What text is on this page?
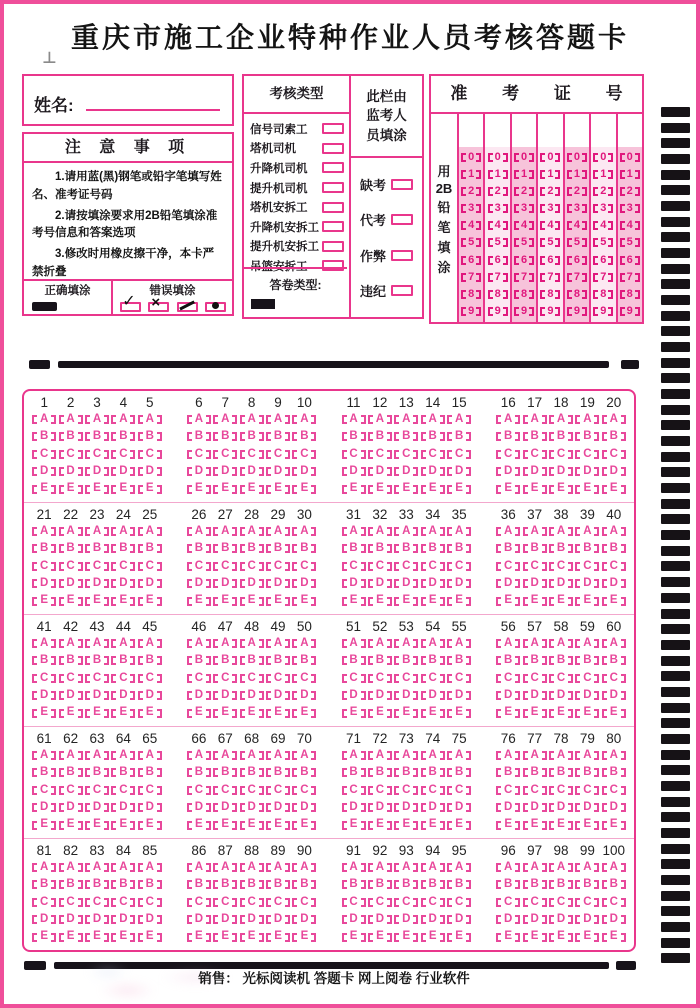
重庆市施工企业特种作业人员考核答题卡
⊥
姓名:
注 意 事 项

1.请用蓝(黑)钢笔或铅字笔填写姓名、准考证号码

2.请按填涂要求用2B铅笔填涂准考号信息和答案选项

3.修改时用橡皮擦干净，本卡严禁折叠

正确填涂	错误填涂
✓ ×
考核类型
信号司索工
塔机司机
升降机司机
提升机司机
塔机安拆工
升降机安拆工
提升机安拆工
吊篮安拆工
答卷类型:
此栏由
监考人
员填涂
缺考
代考
作弊
违纪
准 考 证 号
用
2B
铅
笔
填
涂
0
1
2
3
4
5
6
7
8
9
0
1
2
3
4
5
6
7
8
9
0
1
2
3
4
5
6
7
8
9
0
1
2
3
4
5
6
7
8
9
0
1
2
3
4
5
6
7
8
9
0
1
2
3
4
5
6
7
8
9
0
1
2
3
4
5
6
7
8
9
1
A
B
C
D
E
2
A
B
C
D
E
3
A
B
C
D
E
4
A
B
C
D
E
5
A
B
C
D
E
6
A
B
C
D
E
7
A
B
C
D
E
8
A
B
C
D
E
9
A
B
C
D
E
10
A
B
C
D
E
11
A
B
C
D
E
12
A
B
C
D
E
13
A
B
C
D
E
14
A
B
C
D
E
15
A
B
C
D
E
16
A
B
C
D
E
17
A
B
C
D
E
18
A
B
C
D
E
19
A
B
C
D
E
20
A
B
C
D
E
21
A
B
C
D
E
22
A
B
C
D
E
23
A
B
C
D
E
24
A
B
C
D
E
25
A
B
C
D
E
26
A
B
C
D
E
27
A
B
C
D
E
28
A
B
C
D
E
29
A
B
C
D
E
30
A
B
C
D
E
31
A
B
C
D
E
32
A
B
C
D
E
33
A
B
C
D
E
34
A
B
C
D
E
35
A
B
C
D
E
36
A
B
C
D
E
37
A
B
C
D
E
38
A
B
C
D
E
39
A
B
C
D
E
40
A
B
C
D
E
41
A
B
C
D
E
42
A
B
C
D
E
43
A
B
C
D
E
44
A
B
C
D
E
45
A
B
C
D
E
46
A
B
C
D
E
47
A
B
C
D
E
48
A
B
C
D
E
49
A
B
C
D
E
50
A
B
C
D
E
51
A
B
C
D
E
52
A
B
C
D
E
53
A
B
C
D
E
54
A
B
C
D
E
55
A
B
C
D
E
56
A
B
C
D
E
57
A
B
C
D
E
58
A
B
C
D
E
59
A
B
C
D
E
60
A
B
C
D
E
61
A
B
C
D
E
62
A
B
C
D
E
63
A
B
C
D
E
64
A
B
C
D
E
65
A
B
C
D
E
66
A
B
C
D
E
67
A
B
C
D
E
68
A
B
C
D
E
69
A
B
C
D
E
70
A
B
C
D
E
71
A
B
C
D
E
72
A
B
C
D
E
73
A
B
C
D
E
74
A
B
C
D
E
75
A
B
C
D
E
76
A
B
C
D
E
77
A
B
C
D
E
78
A
B
C
D
E
79
A
B
C
D
E
80
A
B
C
D
E
81
A
B
C
D
E
82
A
B
C
D
E
83
A
B
C
D
E
84
A
B
C
D
E
85
A
B
C
D
E
86
A
B
C
D
E
87
A
B
C
D
E
88
A
B
C
D
E
89
A
B
C
D
E
90
A
B
C
D
E
91
A
B
C
D
E
92
A
B
C
D
E
93
A
B
C
D
E
94
A
B
C
D
E
95
A
B
C
D
E
96
A
B
C
D
E
97
A
B
C
D
E
98
A
B
C
D
E
99
A
B
C
D
E
100
A
B
C
D
E
销售： 光标阅读机 答题卡 网上阅卷 行业软件
